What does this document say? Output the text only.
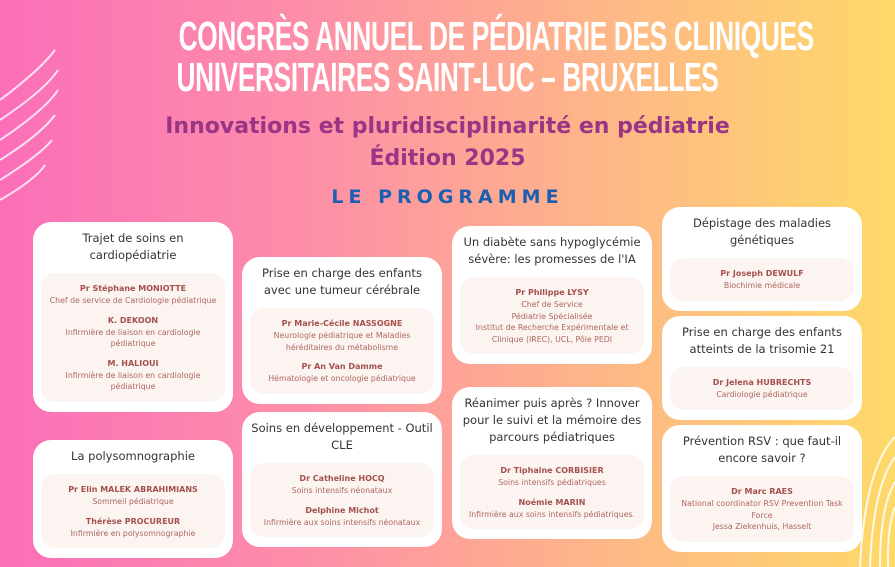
CONGRÈS ANNUEL DE PÉDIATRIE DES CLINIQUES
UNIVERSITAIRES SAINT-LUC – BRUXELLES
Innovations et pluridisciplinarité en pédiatrie
Édition 2025
LE PROGRAMME
Trajet de soins en cardiopédiatrie
Pr Stéphane MONIOTTE
Chef de service de Cardiologie pédiatrique
K. DEKOON
Infirmière de liaison en cardiologie pédiatrique
M. HALIOUI
Infirmière de liaison en cardiologie pédiatrique
La polysomnographie
Pr Elin MALEK ABRAHIMIANS
Sommeil pédiatrique
Thérèse PROCUREUR
Infirmière en polysomnographie
Prise en charge des enfants avec une tumeur cérébrale
Pr Marie-Cécile NASSOGNE
Neurologie pédiatrique et Maladies héréditaires du métabolisme
Pr An Van Damme
Hématologie et oncologie pédiatrique
Soins en développement - Outil CLE
Dr Catheline HOCQ
Soins intensifs néonataux
Delphine Michot
Infirmière aux soins intensifs néonataux
Un diabète sans hypoglycémie sévère: les promesses de l'IA
Pr Philippe LYSY
Chef de Service
Pédiatrie Spécialisée
Institut de Recherche Expérimentale et Clinique (IREC), UCL, Pôle PEDI
Réanimer puis après ? Innover pour le suivi et la mémoire des parcours pédiatriques
Dr Tiphaine CORBISIER
Soins intensifs pédiatriques
Noémie MARIN
Infirmière aux soins intensifs pédiatriques.
Dépistage des maladies génétiques
Pr Joseph DEWULF
Biochimie médicale
Prise en charge des enfants atteints de la trisomie 21
Dr Jelena HUBRECHTS
Cardiologie pédiatrique
Prévention RSV : que faut-il encore savoir ?
Dr Marc RAES
National coordinator RSV Prevention Task Force
Jessa Ziekenhuis, Hasselt
